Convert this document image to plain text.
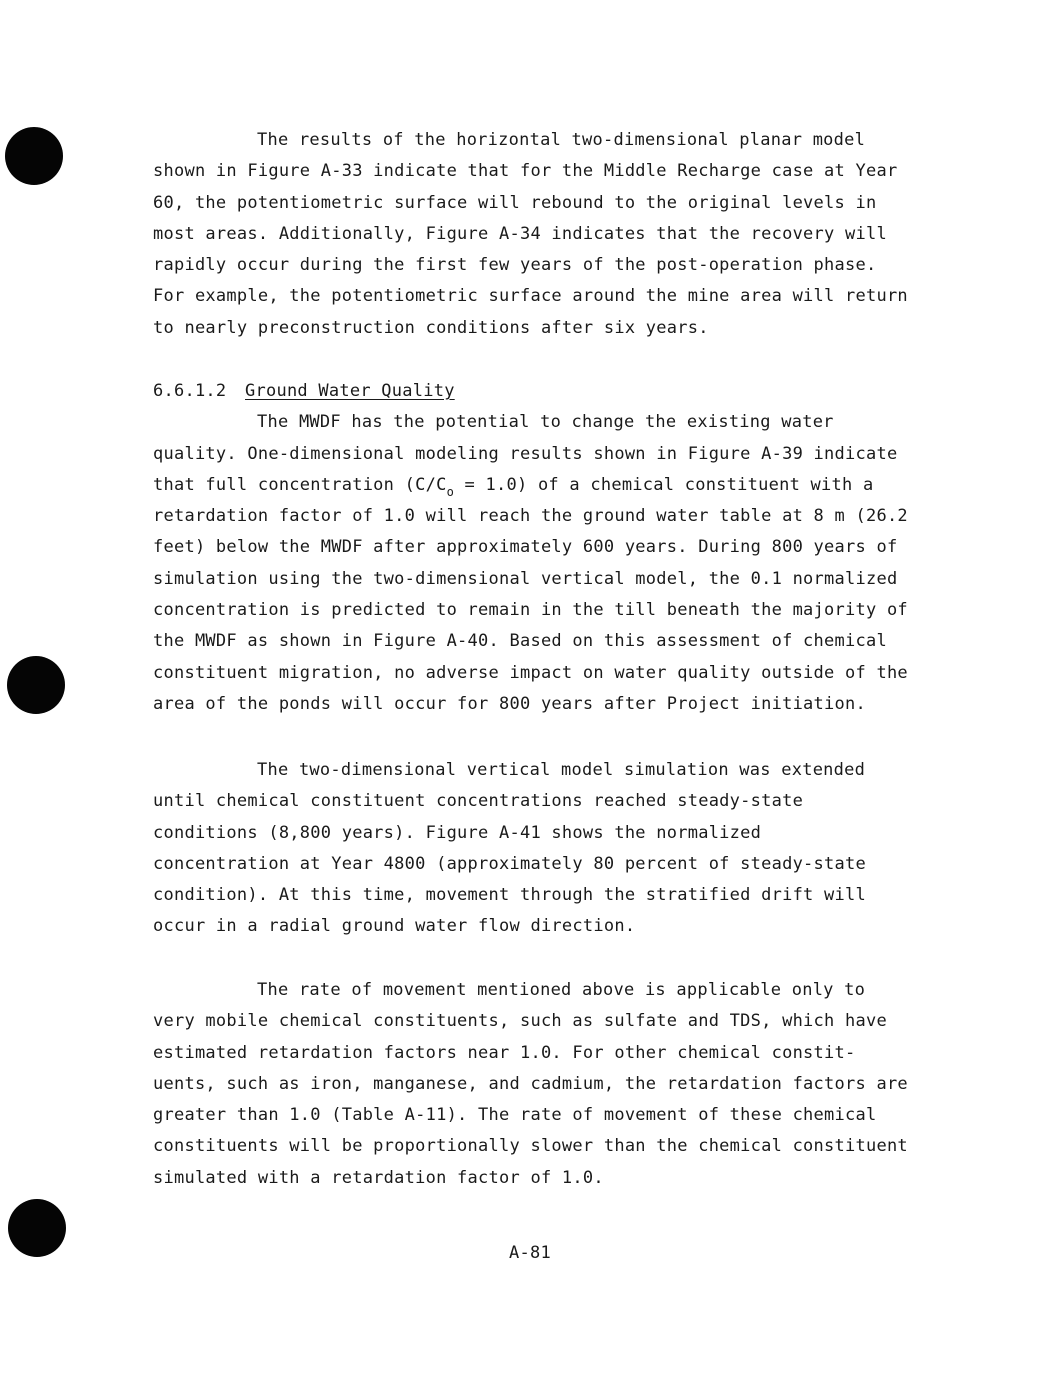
The results of the horizontal two-dimensional planar model
shown in Figure A-33 indicate that for the Middle Recharge case at Year
60, the potentiometric surface will rebound to the original levels in
most areas. Additionally, Figure A-34 indicates that the recovery will
rapidly occur during the first few years of the post-operation phase.
For example, the potentiometric surface around the mine area will return
to nearly preconstruction conditions after six years.
6.6.1.2 Ground Water Quality
The MWDF has the potential to change the existing water
quality. One-dimensional modeling results shown in Figure A-39 indicate
that full concentration $(C/C_o = 1.0)$ of a chemical constituent with a
retardation factor of 1.0 will reach the ground water table at 8 m (26.2
feet) below the MWDF after approximately 600 years. During 800 years of
simulation using the two-dimensional vertical model, the 0.1 normalized
concentration is predicted to remain in the till beneath the majority of
the MWDF as shown in Figure A-40. Based on this assessment of chemical
constituent migration, no adverse impact on water quality outside of the
area of the ponds will occur for 800 years after Project initiation.
The two-dimensional vertical model simulation was extended
until chemical constituent concentrations reached steady-state
conditions (8,800 years). Figure A-41 shows the normalized
concentration at Year 4800 (approximately 80 percent of steady-state
condition). At this time, movement through the stratified drift will
occur in a radial ground water flow direction.
The rate of movement mentioned above is applicable only to
very mobile chemical constituents, such as sulfate and TDS, which have
estimated retardation factors near 1.0. For other chemical constit-
uents, such as iron, manganese, and cadmium, the retardation factors are
greater than 1.0 (Table A-11). The rate of movement of these chemical
constituents will be proportionally slower than the chemical constituent
simulated with a retardation factor of 1.0.
A-81
